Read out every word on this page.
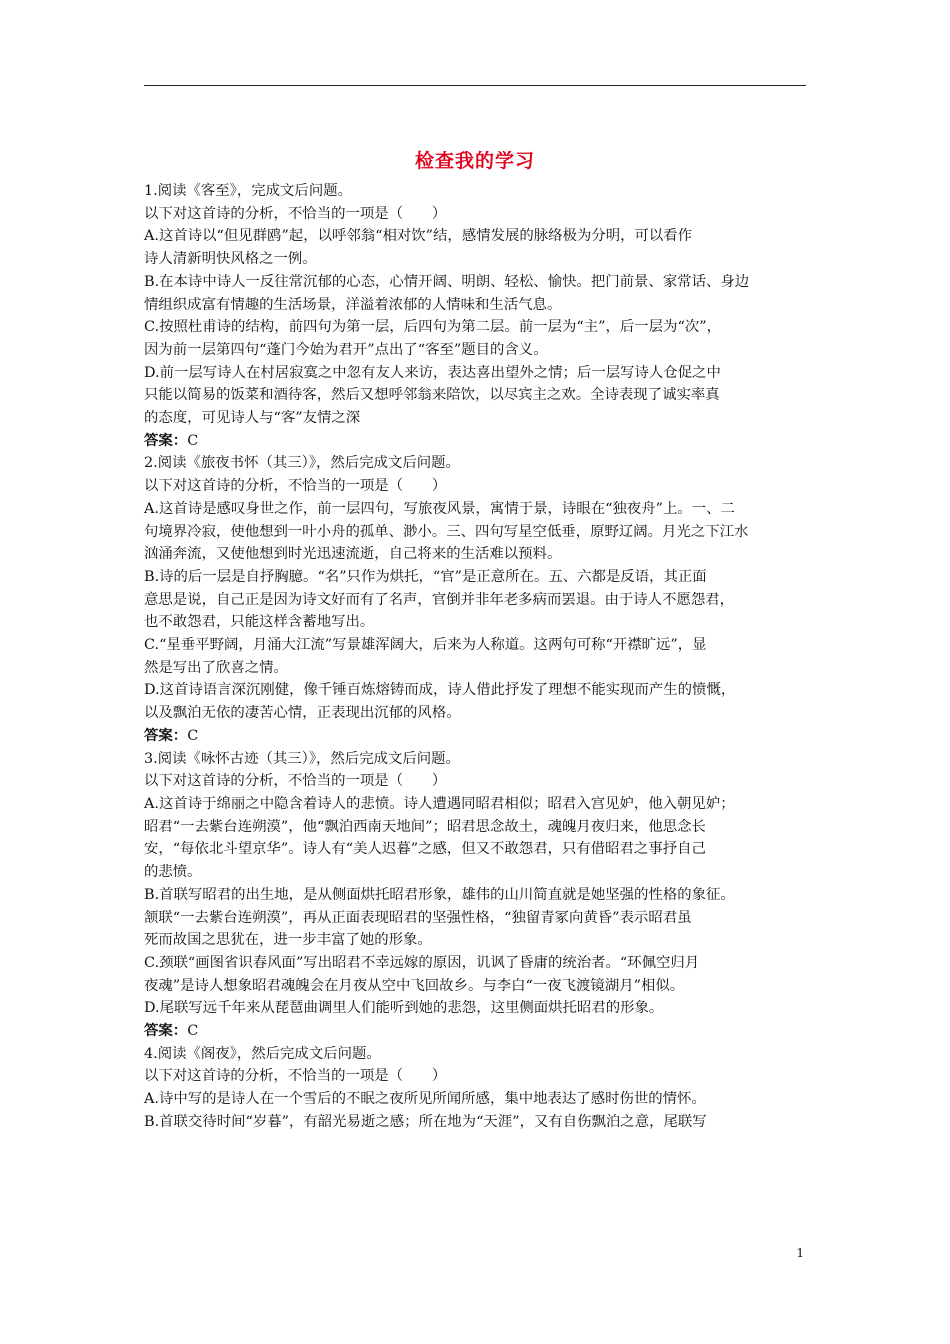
检查我的学习
1.阅读《客至》，完成文后问题。
以下对这首诗的分析，不恰当的一项是（　　）
A.这首诗以“但见群鸥”起，以呼邻翁“相对饮”结，感情发展的脉络极为分明，可以看作
诗人清新明快风格之一例。
B.在本诗中诗人一反往常沉郁的心态，心情开阔、明朗、轻松、愉快。把门前景、家常话、身边
情组织成富有情趣的生活场景，洋溢着浓郁的人情味和生活气息。
C.按照杜甫诗的结构，前四句为第一层，后四句为第二层。前一层为“主”，后一层为“次”，
因为前一层第四句“蓬门今始为君开”点出了“客至”题目的含义。
D.前一层写诗人在村居寂寞之中忽有友人来访，表达喜出望外之情；后一层写诗人仓促之中
只能以简易的饭菜和酒待客，然后又想呼邻翁来陪饮，以尽宾主之欢。全诗表现了诚实率真
的态度，可见诗人与“客”友情之深
答案：C
2.阅读《旅夜书怀（其三）》，然后完成文后问题。
以下对这首诗的分析，不恰当的一项是（　　）
A.这首诗是感叹身世之作，前一层四句，写旅夜风景，寓情于景，诗眼在“独夜舟”上。一、二
句境界冷寂，使他想到一叶小舟的孤单、渺小。三、四句写星空低垂，原野辽阔。月光之下江水
汹涌奔流，又使他想到时光迅速流逝，自己将来的生活难以预料。
B.诗的后一层是自抒胸臆。“名”只作为烘托，“官”是正意所在。五、六都是反语，其正面
意思是说，自己正是因为诗文好而有了名声，官倒并非年老多病而罢退。由于诗人不愿怨君，
也不敢怨君，只能这样含蓄地写出。
C.“星垂平野阔，月涌大江流”写景雄浑阔大，后来为人称道。这两句可称“开襟旷远”，显
然是写出了欣喜之情。
D.这首诗语言深沉刚健，像千锤百炼熔铸而成，诗人借此抒发了理想不能实现而产生的愤慨，
以及飘泊无依的凄苦心情，正表现出沉郁的风格。
答案：C
3.阅读《咏怀古迹（其三）》，然后完成文后问题。
以下对这首诗的分析，不恰当的一项是（　　）
A.这首诗于绵丽之中隐含着诗人的悲愤。诗人遭遇同昭君相似；昭君入宫见妒，他入朝见妒；
昭君“一去紫台连朔漠”，他“飘泊西南天地间”；昭君思念故土，魂魄月夜归来，他思念长
安，“每依北斗望京华”。诗人有“美人迟暮”之感，但又不敢怨君，只有借昭君之事抒自己
的悲愤。
B.首联写昭君的出生地，是从侧面烘托昭君形象，雄伟的山川简直就是她坚强的性格的象征。
颔联“一去紫台连朔漠”，再从正面表现昭君的坚强性格，“独留青冢向黄昏”表示昭君虽
死而故国之思犹在，进一步丰富了她的形象。
C.颈联“画图省识春风面”写出昭君不幸远嫁的原因，讥讽了昏庸的统治者。“环佩空归月
夜魂”是诗人想象昭君魂魄会在月夜从空中飞回故乡。与李白“一夜飞渡镜湖月”相似。
D.尾联写远千年来从琵琶曲调里人们能听到她的悲怨，这里侧面烘托昭君的形象。
答案：C
4.阅读《阁夜》，然后完成文后问题。
以下对这首诗的分析，不恰当的一项是（　　）
A.诗中写的是诗人在一个雪后的不眠之夜所见所闻所感，集中地表达了感时伤世的情怀。
B.首联交待时间“岁暮”，有韶光易逝之感；所在地为“天涯”，又有自伤飘泊之意，尾联写
1
